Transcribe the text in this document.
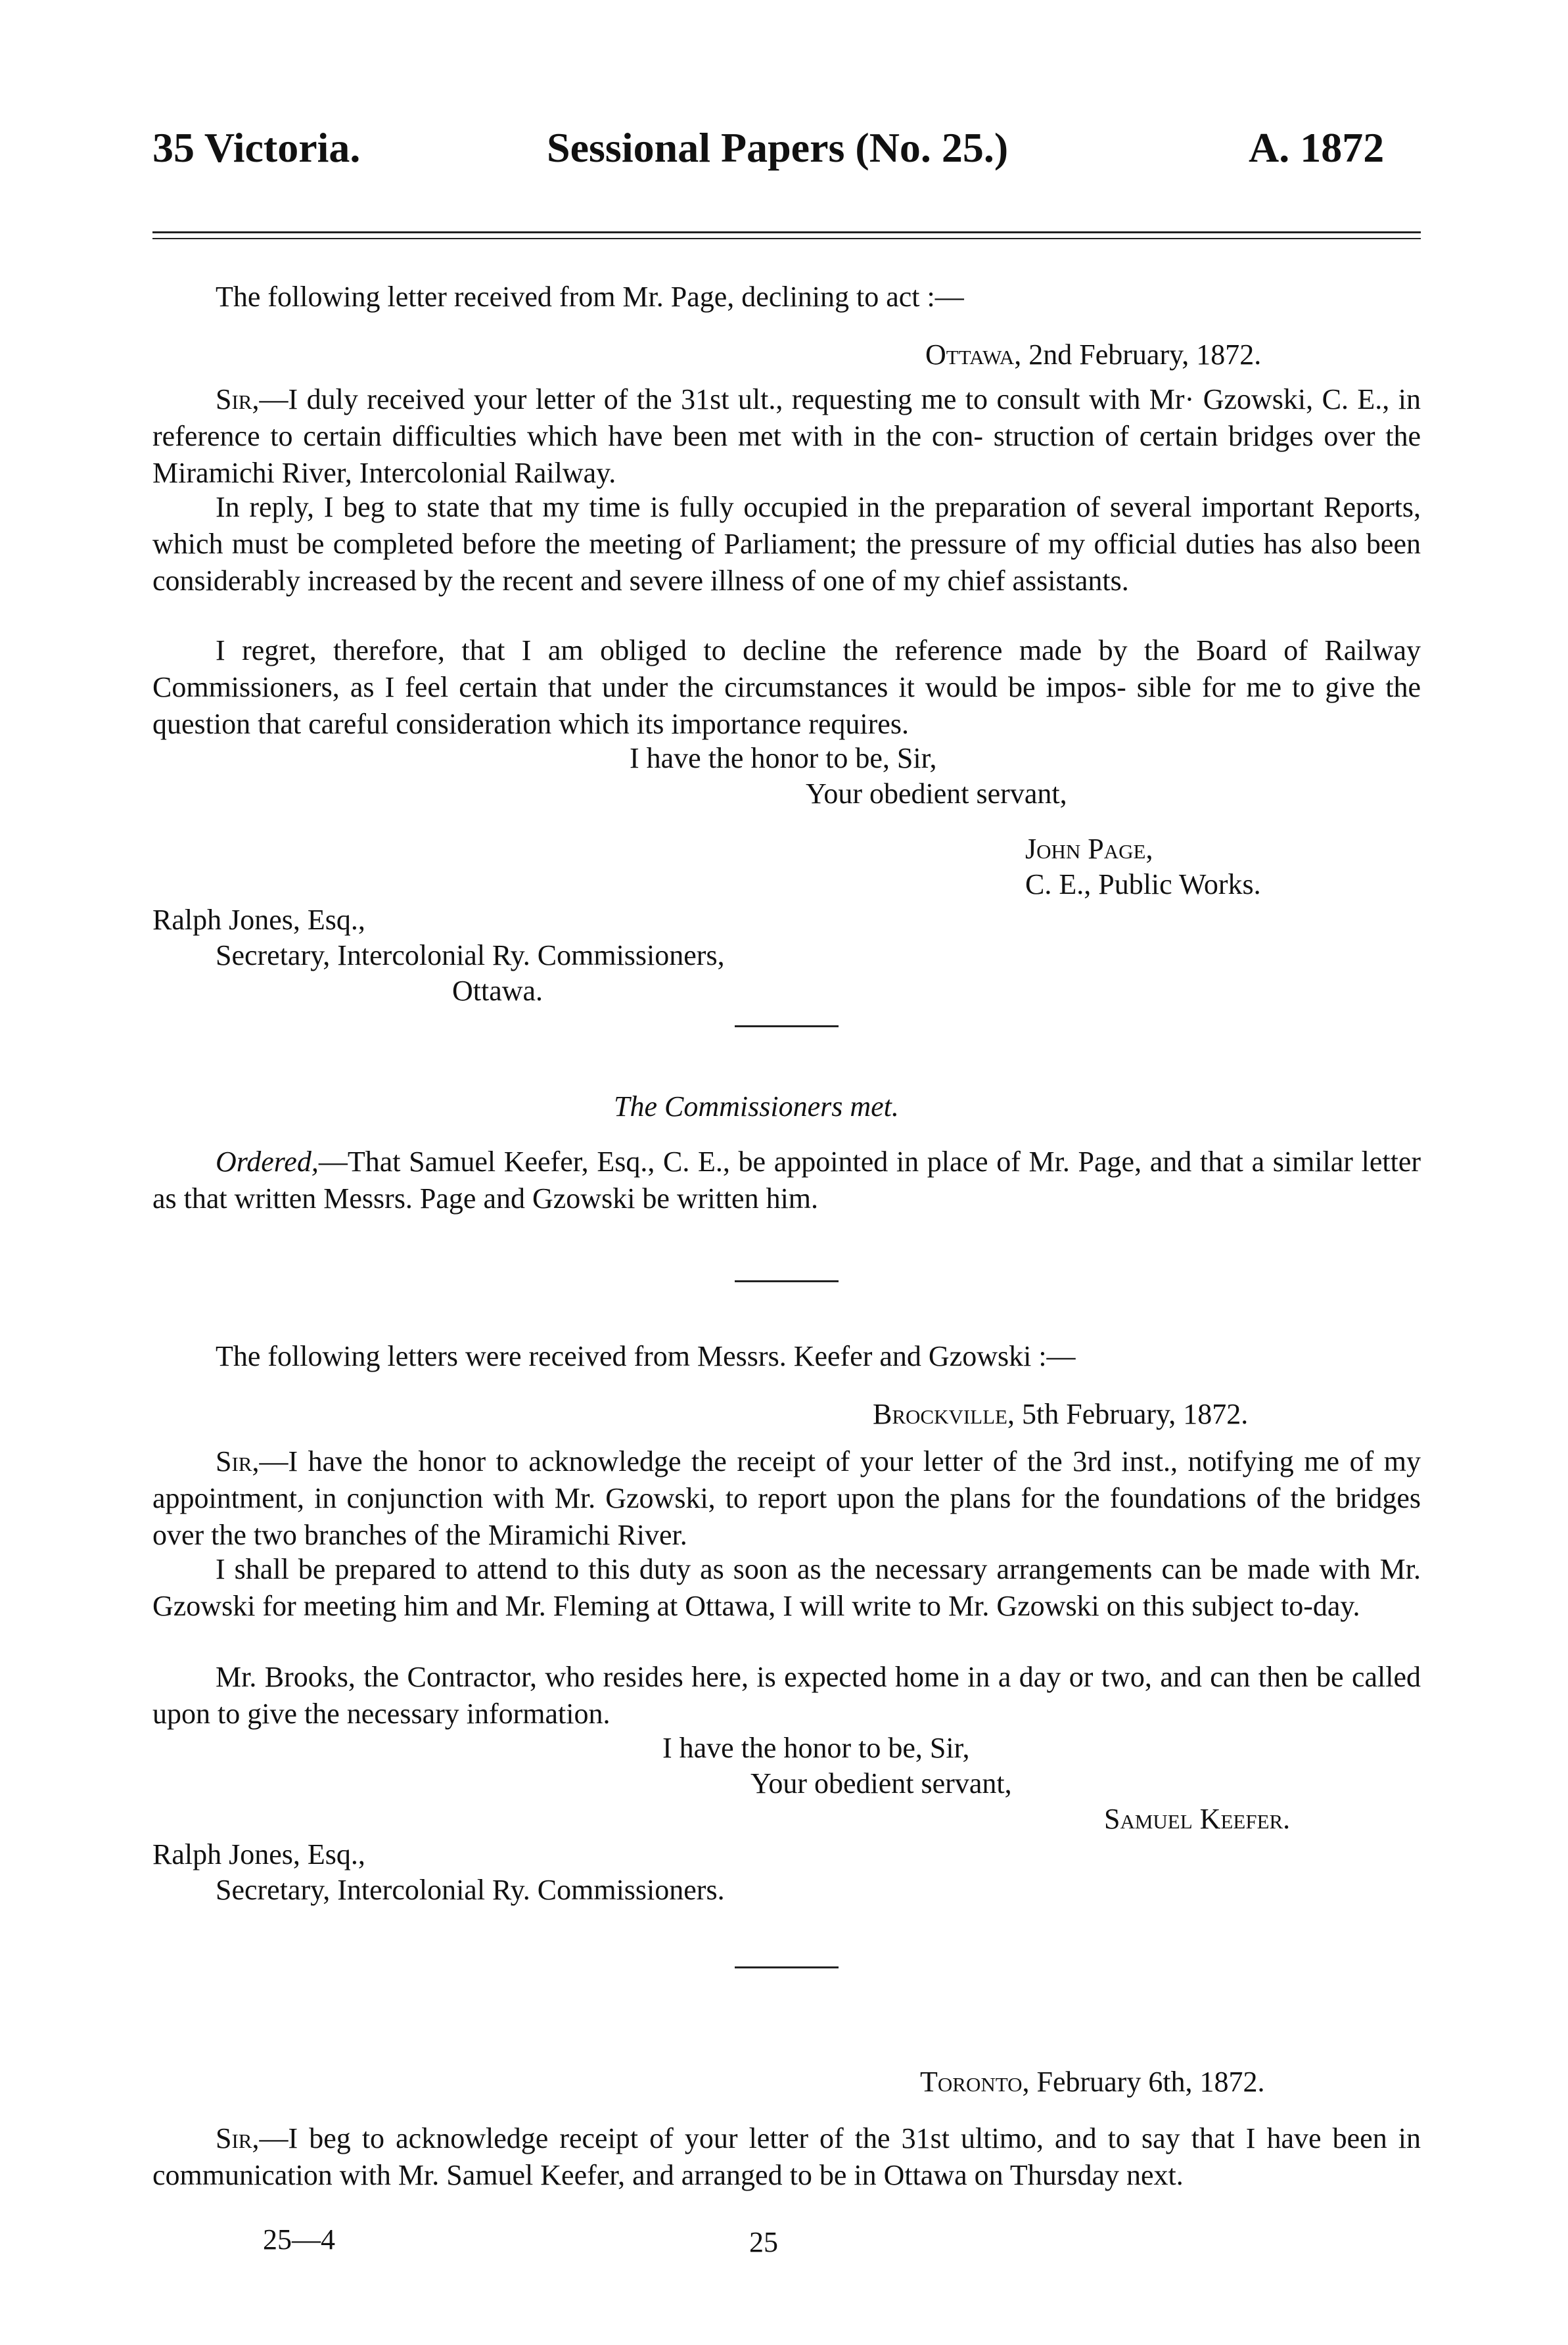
35 Victoria.	Sessional Papers (No. 25.)	A. 1872
The following letter received from Mr. Page, declining to act :—
Ottawa, 2nd February, 1872.
Sir,—I duly received your letter of the 31st ult., requesting me to consult with Mr· Gzowski, C. E., in reference to certain difficulties which have been met with in the con- struction of certain bridges over the Miramichi River, Intercolonial Railway.
In reply, I beg to state that my time is fully occupied in the preparation of several important Reports, which must be completed before the meeting of Parliament; the pressure of my official duties has also been considerably increased by the recent and severe illness of one of my chief assistants.
I regret, therefore, that I am obliged to decline the reference made by the Board of Railway Commissioners, as I feel certain that under the circumstances it would be impos- sible for me to give the question that careful consideration which its importance requires.
I have the honor to be, Sir,
Your obedient servant,
John Page,
C. E., Public Works.
Ralph Jones, Esq.,
Secretary, Intercolonial Ry. Commissioners,
Ottawa.
The Commissioners met.
Ordered,—That Samuel Keefer, Esq., C. E., be appointed in place of Mr. Page, and that a similar letter as that written Messrs. Page and Gzowski be written him.
The following letters were received from Messrs. Keefer and Gzowski :—
Brockville, 5th February, 1872.
Sir,—I have the honor to acknowledge the receipt of your letter of the 3rd inst., notifying me of my appointment, in conjunction with Mr. Gzowski, to report upon the plans for the foundations of the bridges over the two branches of the Miramichi River.
I shall be prepared to attend to this duty as soon as the necessary arrangements can be made with Mr. Gzowski for meeting him and Mr. Fleming at Ottawa, I will write to Mr. Gzowski on this subject to-day.
Mr. Brooks, the Contractor, who resides here, is expected home in a day or two, and can then be called upon to give the necessary information.
I have the honor to be, Sir,
Your obedient servant,
Samuel Keefer.
Ralph Jones, Esq.,
Secretary, Intercolonial Ry. Commissioners.
Toronto, February 6th, 1872.
Sir,—I beg to acknowledge receipt of your letter of the 31st ultimo, and to say that I have been in communication with Mr. Samuel Keefer, and arranged to be in Ottawa on Thursday next.
25—4	25
